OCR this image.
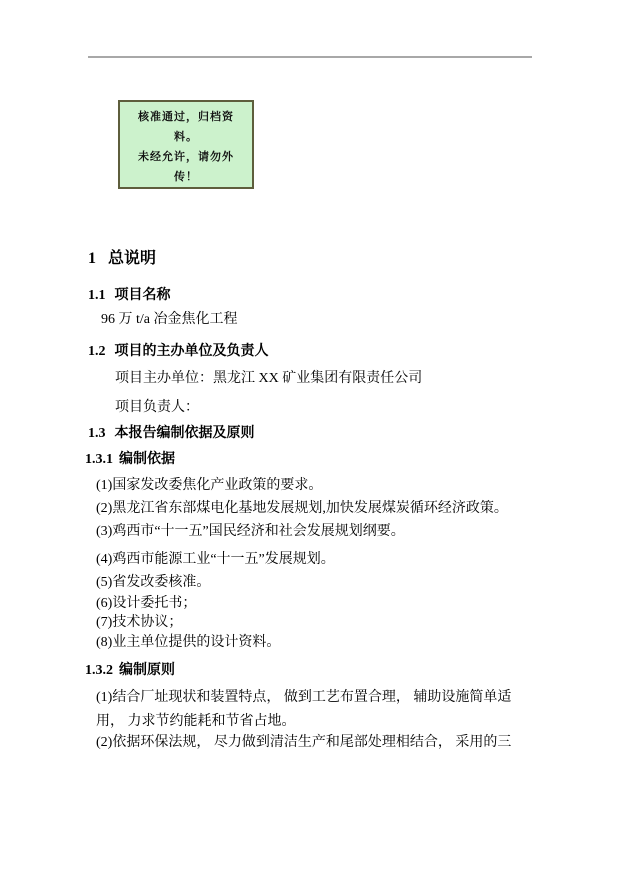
核准通过，归档资
料。
未经允许，请勿外
传！
1 总说明
1.1 项目名称
96 万 t/a 冶金焦化工程
1.2 项目的主办单位及负责人
项目主办单位：黑龙江 XX 矿业集团有限责任公司
项目负责人：
1.3 本报告编制依据及原则
1.3.1 编制依据
(1)国家发改委焦化产业政策的要求。
(2)黑龙江省东部煤电化基地发展规划,加快发展煤炭循环经济政策。
(3)鸡西市“十一五”国民经济和社会发展规划纲要。
(4)鸡西市能源工业“十一五”发展规划。
(5)省发改委核准。
(6)设计委托书；
(7)技术协议；
(8)业主单位提供的设计资料。
1.3.2 编制原则
(1)结合厂址现状和装置特点， 做到工艺布置合理， 辅助设施简单适用， 力求节约能耗和节省占地。
(2)依据环保法规， 尽力做到清洁生产和尾部处理相结合， 采用的三
